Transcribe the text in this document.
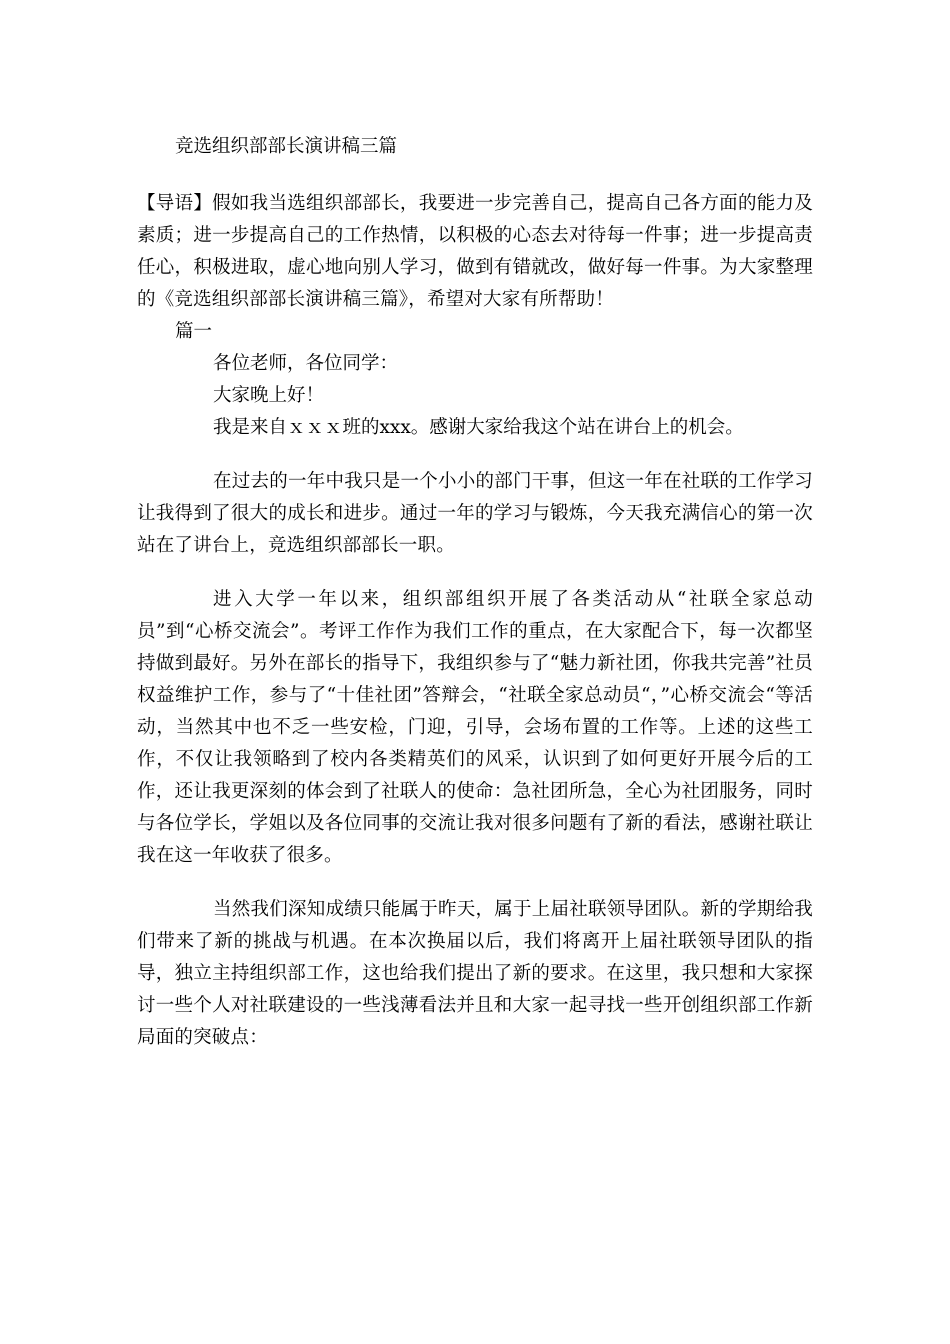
竞选组织部部长演讲稿三篇

【导语】假如我当选组织部部长，我要进一步完善自己，提高自己各方面的能力及素质；进一步提高自己的工作热情，以积极的心态去对待每一件事；进一步提高责任心，积极进取，虚心地向别人学习，做到有错就改，做好每一件事。为大家整理的《竞选组织部部长演讲稿三篇》，希望对大家有所帮助！

篇一

各位老师，各位同学：

大家晚上好！

我是来自ｘｘｘ班的xxx。感谢大家给我这个站在讲台上的机会。

在过去的一年中我只是一个小小的部门干事，但这一年在社联的工作学习让我得到了很大的成长和进步。通过一年的学习与锻炼，今天我充满信心的第一次站在了讲台上，竞选组织部部长一职。

进入大学一年以来，组织部组织开展了各类活动从“社联全家总动员”到“心桥交流会”。考评工作作为我们工作的重点，在大家配合下，每一次都坚持做到最好。另外在部长的指导下，我组织参与了“魅力新社团，你我共完善”社员权益维护工作，参与了“十佳社团”答辩会，“社联全家总动员“，”心桥交流会“等活动，当然其中也不乏一些安检，门迎，引导，会场布置的工作等。上述的这些工作，不仅让我领略到了校内各类精英们的风采，认识到了如何更好开展今后的工作，还让我更深刻的体会到了社联人的使命：急社团所急，全心为社团服务，同时与各位学长，学姐以及各位同事的交流让我对很多问题有了新的看法，感谢社联让我在这一年收获了很多。

当然我们深知成绩只能属于昨天，属于上届社联领导团队。新的学期给我们带来了新的挑战与机遇。在本次换届以后，我们将离开上届社联领导团队的指导，独立主持组织部工作，这也给我们提出了新的要求。在这里，我只想和大家探讨一些个人对社联建设的一些浅薄看法并且和大家一起寻找一些开创组织部工作新局面的突破点：
